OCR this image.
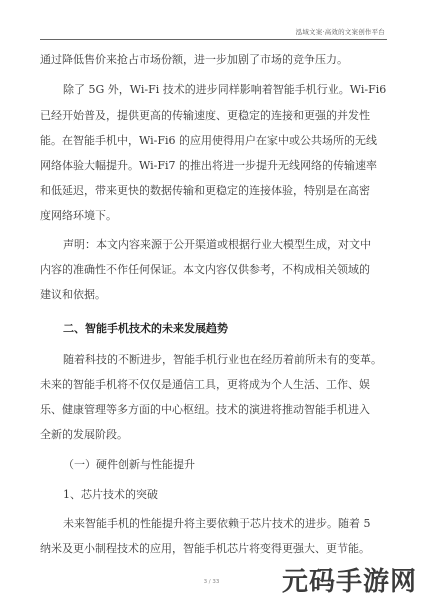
泓域文案·高效的文案创作平台
通过降低售价来抢占市场份额，进一步加剧了市场的竞争压力。
除了 5G 外，Wi-Fi 技术的进步同样影响着智能手机行业。Wi-Fi6
已经开始普及，提供更高的传输速度、更稳定的连接和更强的并发性
能。在智能手机中，Wi-Fi6 的应用使得用户在家中或公共场所的无线
网络体验大幅提升。Wi-Fi7 的推出将进一步提升无线网络的传输速率
和低延迟，带来更快的数据传输和更稳定的连接体验，特别是在高密
度网络环境下。
声明：本文内容来源于公开渠道或根据行业大模型生成，对文中
内容的准确性不作任何保证。本文内容仅供参考，不构成相关领域的
建议和依据。
二、智能手机技术的未来发展趋势
随着科技的不断进步，智能手机行业也在经历着前所未有的变革。
未来的智能手机将不仅仅是通信工具，更将成为个人生活、工作、娱
乐、健康管理等多方面的中心枢纽。技术的演进将推动智能手机进入
全新的发展阶段。
（一）硬件创新与性能提升
1、芯片技术的突破
未来智能手机的性能提升将主要依赖于芯片技术的进步。随着 5
纳米及更小制程技术的应用，智能手机芯片将变得更强大、更节能。
3 / 33	元码手游网
